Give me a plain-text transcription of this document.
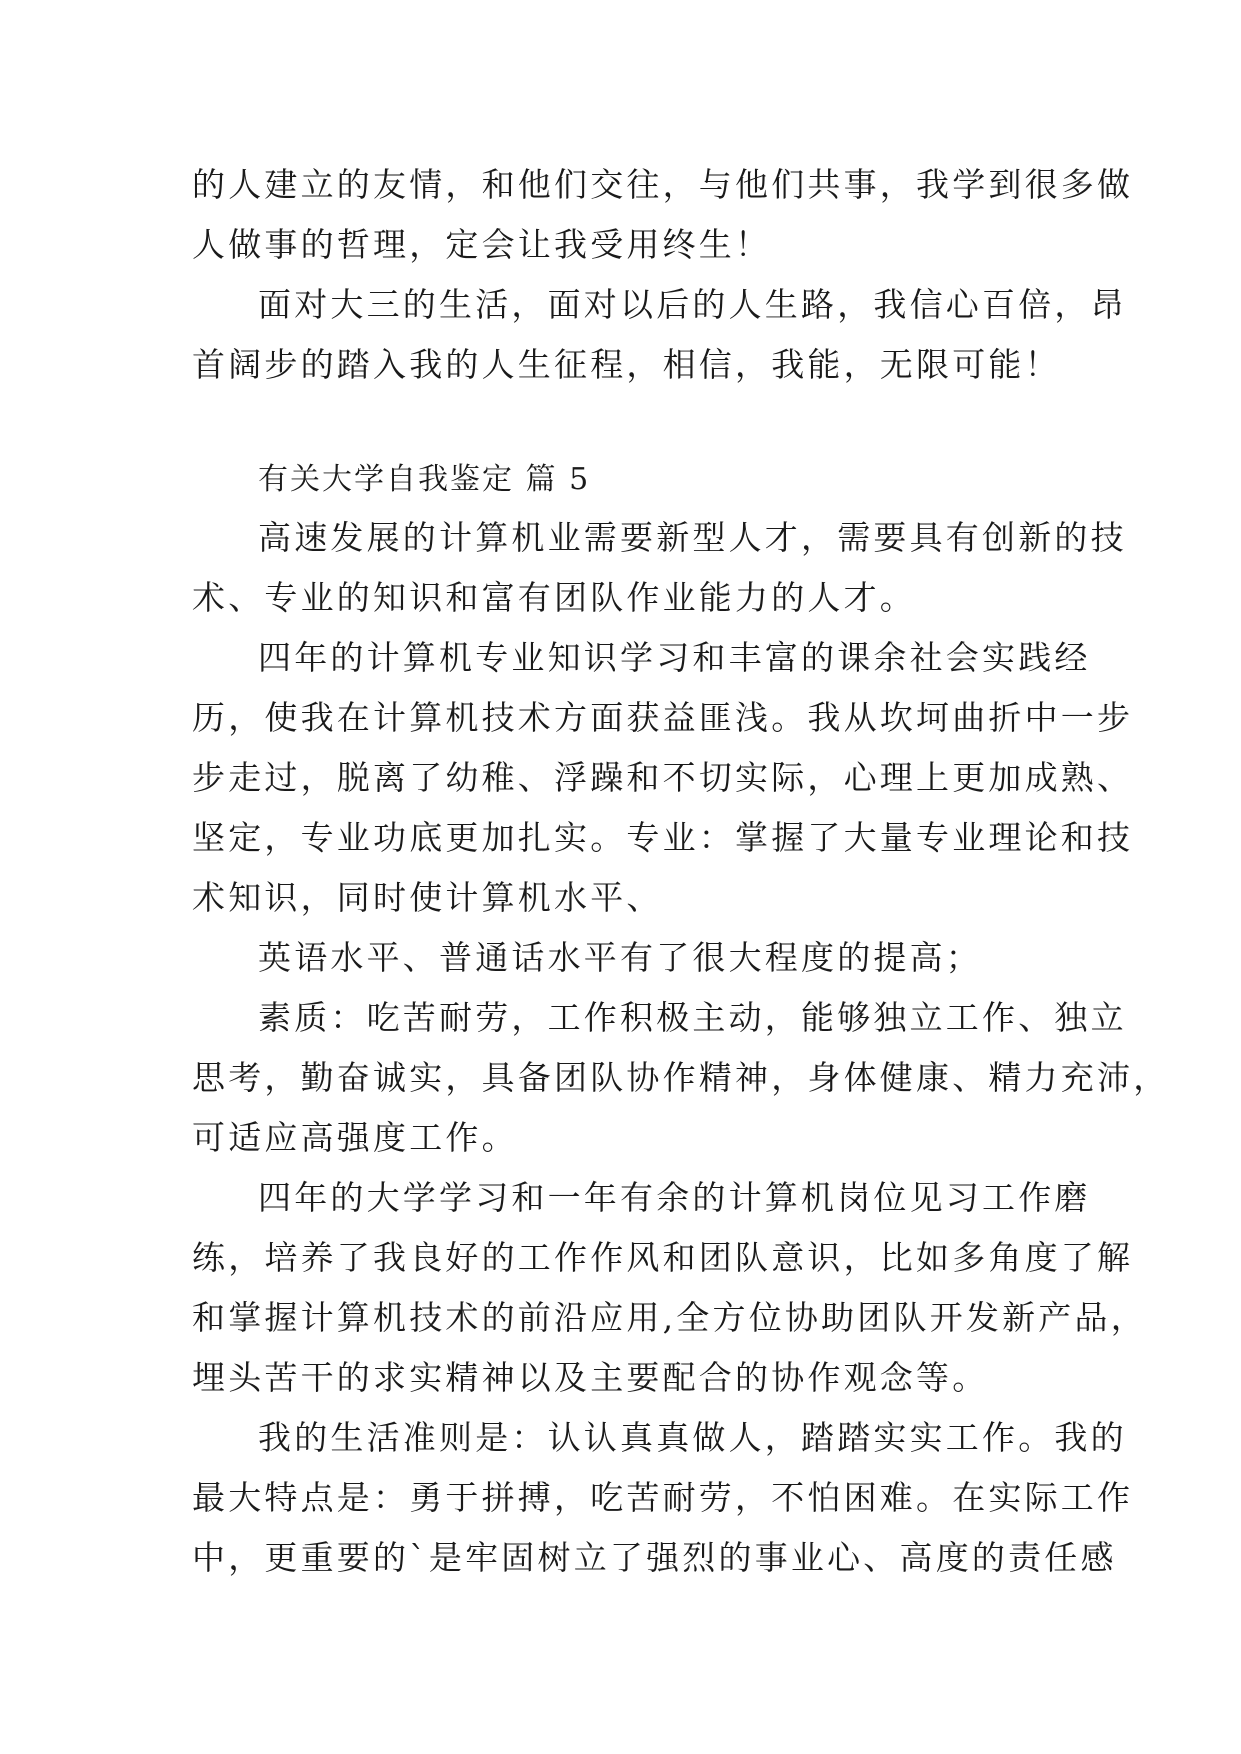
的人建立的友情，和他们交往，与他们共事，我学到很多做
人做事的哲理，定会让我受用终生！
面对大三的生活，面对以后的人生路，我信心百倍，昂
首阔步的踏入我的人生征程，相信，我能，无限可能！
有关大学自我鉴定 篇 5
高速发展的计算机业需要新型人才，需要具有创新的技
术、专业的知识和富有团队作业能力的人才。
四年的计算机专业知识学习和丰富的课余社会实践经
历，使我在计算机技术方面获益匪浅。我从坎坷曲折中一步
步走过，脱离了幼稚、浮躁和不切实际，心理上更加成熟、
坚定，专业功底更加扎实。专业：掌握了大量专业理论和技
术知识，同时使计算机水平、
英语水平、普通话水平有了很大程度的提高；
素质：吃苦耐劳，工作积极主动，能够独立工作、独立
思考，勤奋诚实，具备团队协作精神，身体健康、精力充沛，
可适应高强度工作。
四年的大学学习和一年有余的计算机岗位见习工作磨
练，培养了我良好的工作作风和团队意识，比如多角度了解
和掌握计算机技术的前沿应用,全方位协助团队开发新产品，
埋头苦干的求实精神以及主要配合的协作观念等。
我的生活准则是：认认真真做人，踏踏实实工作。我的
最大特点是：勇于拼搏，吃苦耐劳，不怕困难。在实际工作
中，更重要的`是牢固树立了强烈的事业心、高度的责任感
